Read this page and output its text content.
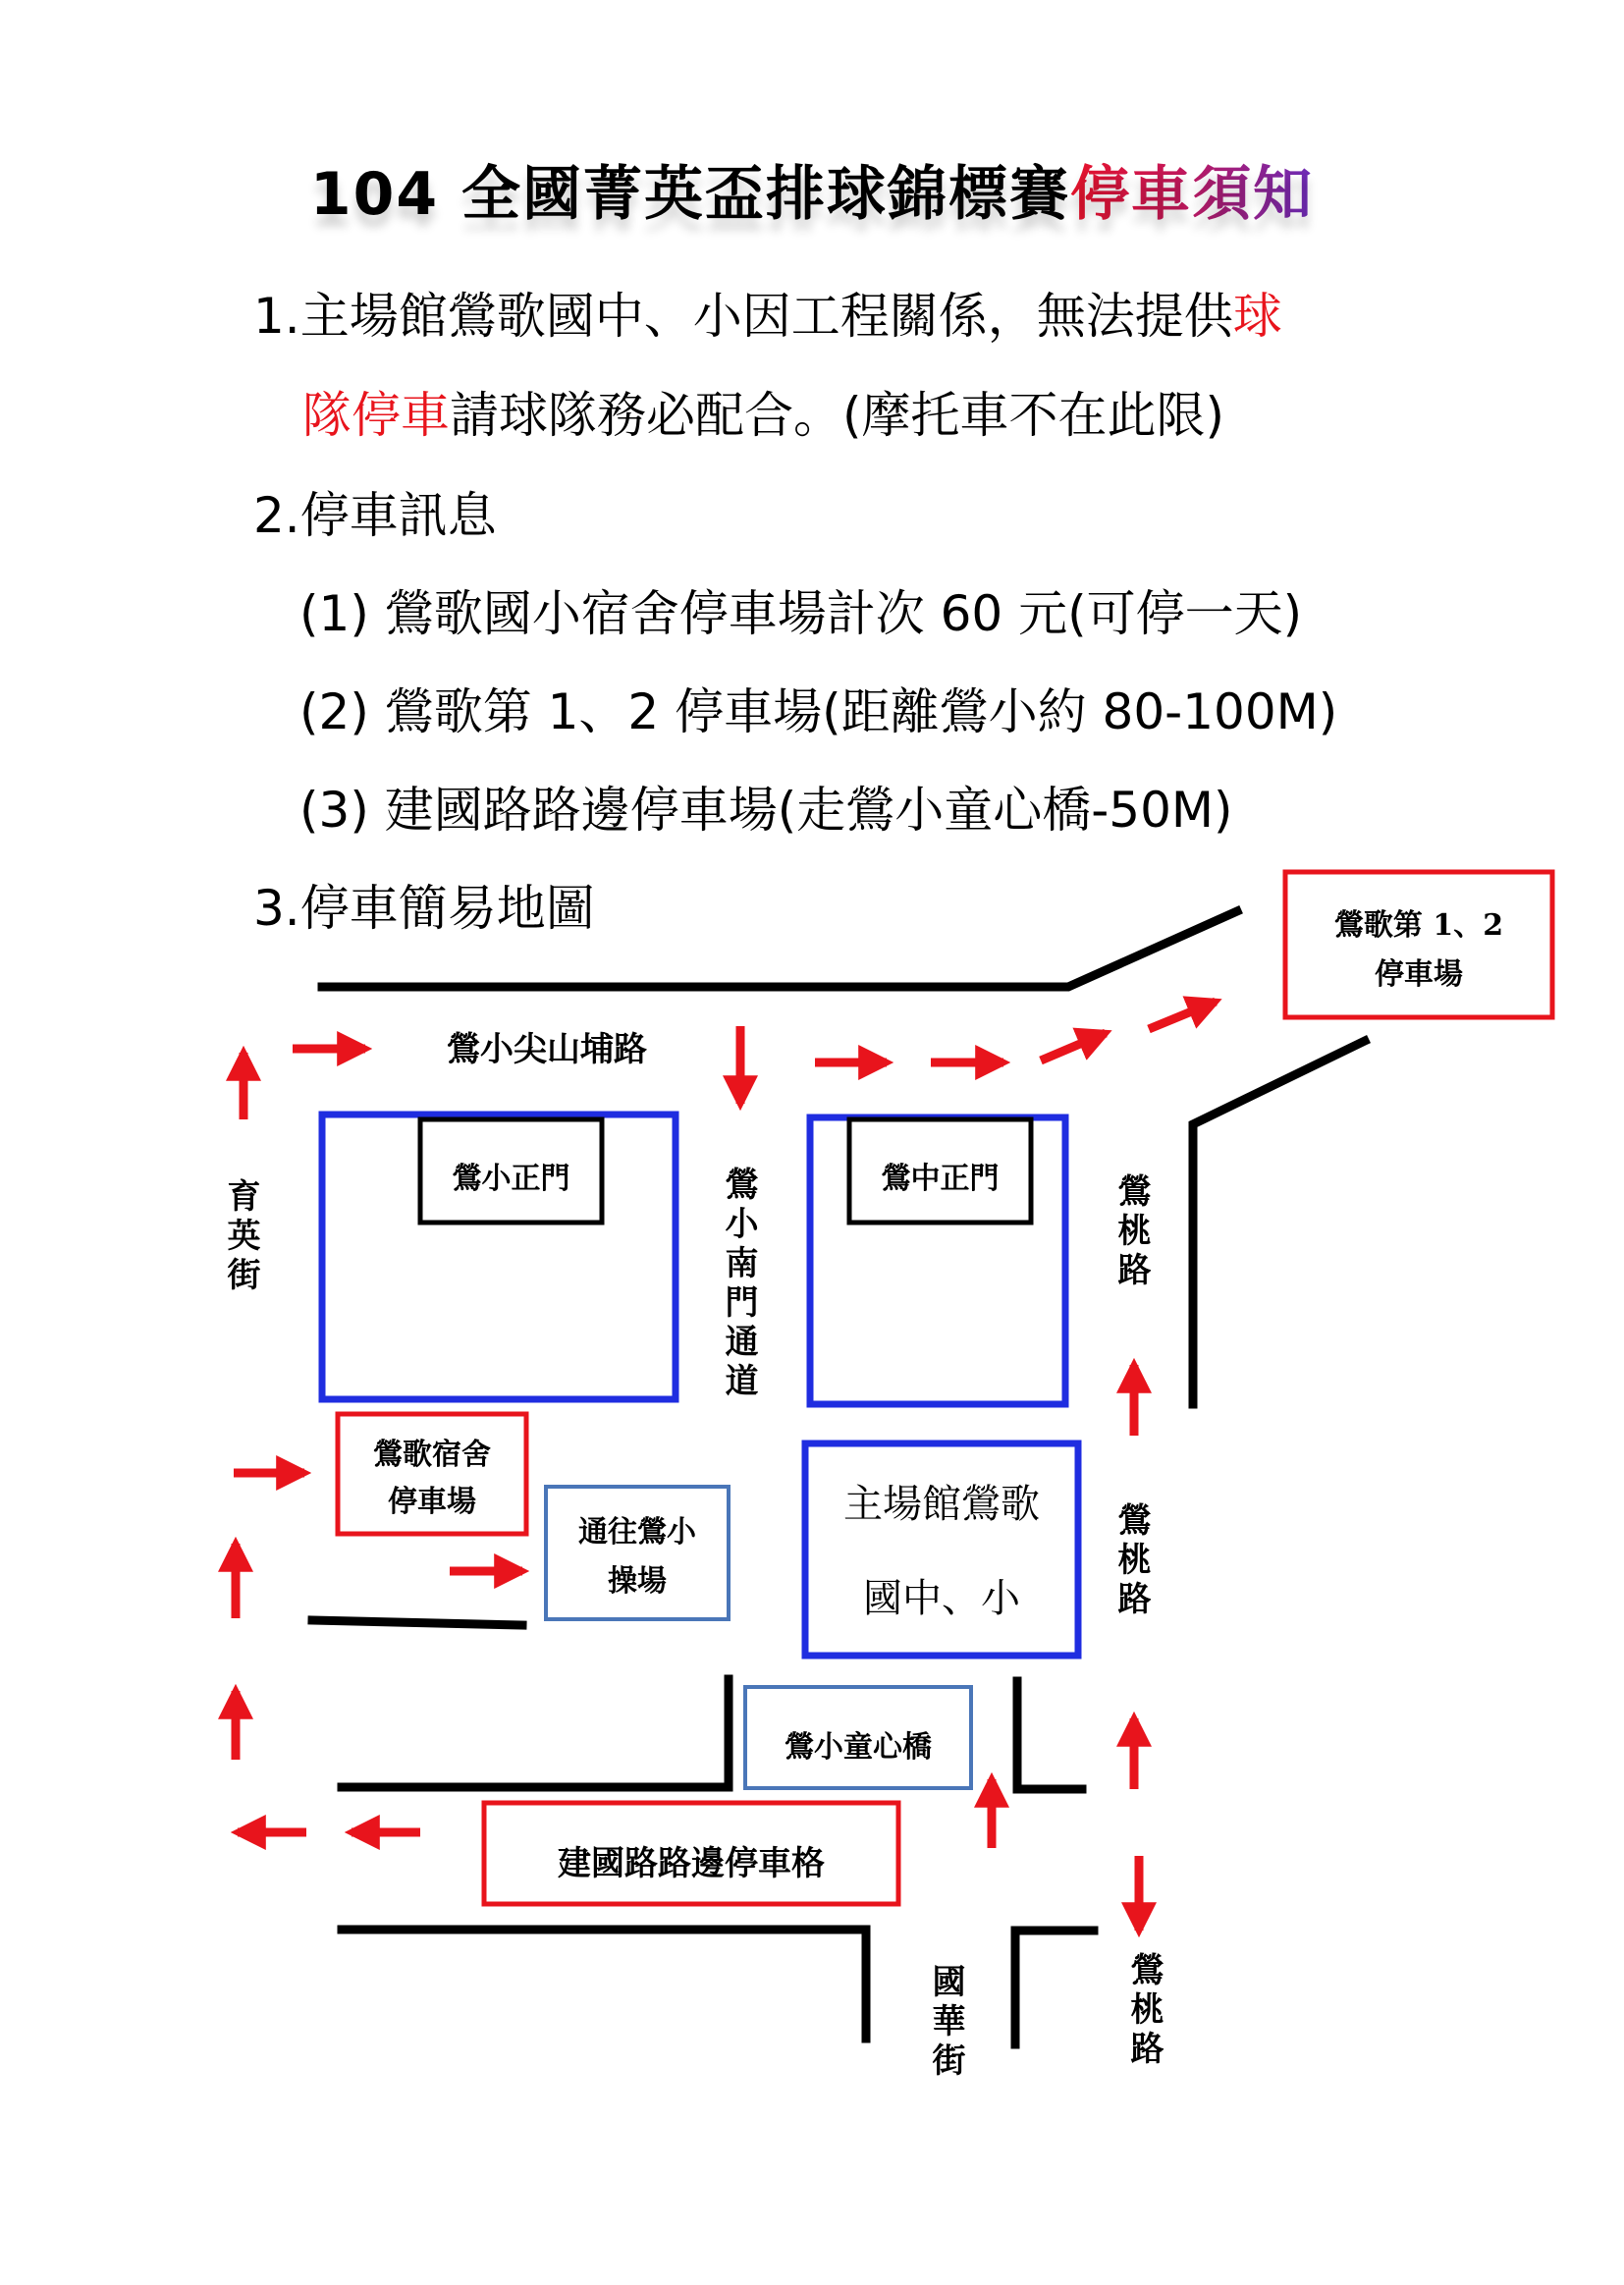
104 全國菁英盃排球錦標賽停車須知
1.主場館鶯歌國中、小因工程關係，無法提供球
隊停車請球隊務必配合。(摩托車不在此限)
2.停車訊息
(1) 鶯歌國小宿舍停車場計次 60 元(可停一天)
(2) 鶯歌第 1、2 停車場(距離鶯小約 80-100M)
(3) 建國路路邊停車場(走鶯小童心橋-50M)
3.停車簡易地圖
鶯小尖山埔路
育英街	鶯小南門通道	鶯桃路
鶯桃路
鶯桃路
國華街
鶯歌第 1、2
停車場
鶯小正門	鶯中正門
鶯歌宿舍
停車場
通往鶯小
操場
主場館鶯歌
國中、小
鶯小童心橋
建國路路邊停車格
